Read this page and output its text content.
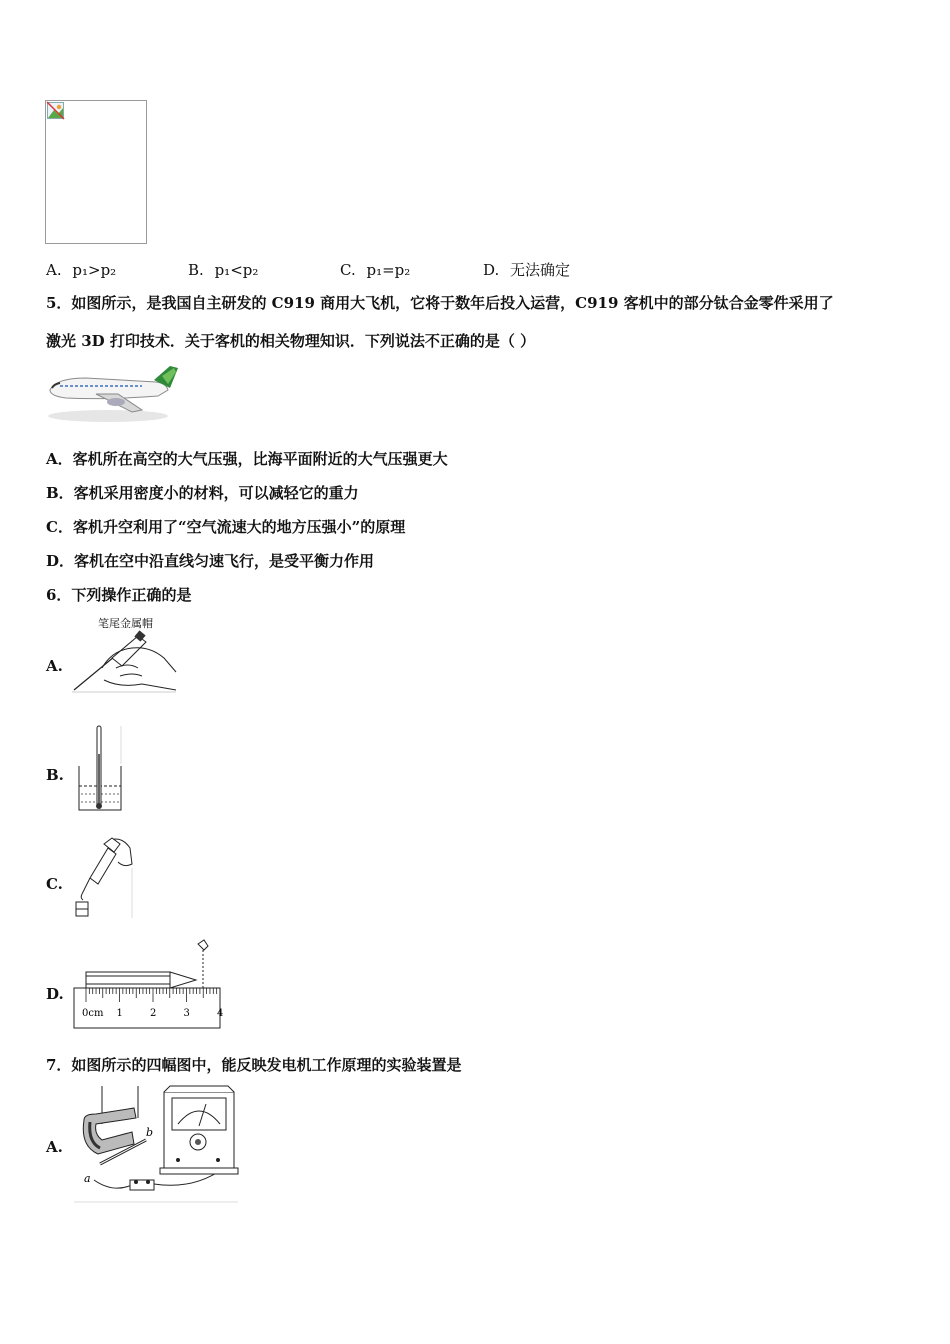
A. p₁>p₂	B. p₁<p₂	C. p₁=p₂	D. 无法确定
5．如图所示，是我国自主研发的 C919 商用大飞机，它将于数年后投入运营，C919 客机中的部分钛合金零件采用了
激光 3D 打印技术．关于客机的相关物理知识．下列说法不正确的是（ ）
A．客机所在高空的大气压强，比海平面附近的大气压强更大
B．客机采用密度小的材料，可以减轻它的重力
C．客机升空利用了“空气流速大的地方压强小”的原理
D．客机在空中沿直线匀速飞行，是受平衡力作用
6．下列操作正确的是
A.
笔尾金属帽
B.
C.
D.
0cm 1	2	3	4
7．如图所示的四幅图中，能反映发电机工作原理的实验装置是
A.
b
a
